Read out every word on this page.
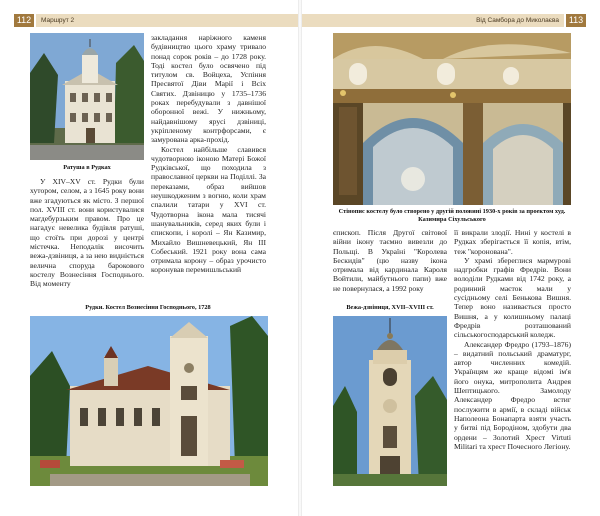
112	Маршрут 2	Від Самбора до Миколаєва	113
Ратуша в Рудках

У XIV–XV ст. Рудки були хутором, селом, а з 1645 року вони вже згадуються як місто. З першої пол. XVIII ст. вони користувалися магдебурзьким правом. Про це нагадує невелика будівля ратуші, що стоїть при дорозі у центрі містечка. Неподалік височить вежа-дзвіниця, а за нею видніється велична споруда барокового костелу Вознесіння Господнього. Від моменту

закладання наріжного каменя будівництво цього храму тривало понад сорок років – до 1728 року. Тоді костел було освячено під титулом св. Войцеха, Успіння Пресвятої Діви Марії і Всіх Святих. Дзвіницю у 1735–1736 роках перебудували з давнішої оборонної вежі. У нижньому, найдавнішому ярусі дзвіниці, укріпленому контрфорсами, є замурована арка-прохід.

Костел найбільше славився чудотворною іконою Матері Божої Рудківської, що походила з православної церкви на Поділлі. За переказами, образ вийшов неушкодженим з вогню, коли храм спалили татари у XVI ст. Чудотворна ікона мала тисячі шанувальників, серед яких були і єпископи, і королі – Ян Казимир, Михайло Вишневецький, Ян III Собеський. 1921 року вона сама отримала корону – образ урочисто коронував перемишльський

Рудки. Костел Вознесіння Господнього, 1728
Стінопис костелу було створено у другій половині 1930-х років за проектом худ. Казимира Сіхульського

єпископ. Після Другої світової війни ікону таємно вивезли до Польщі. В Україні "Королева Бескидів" (цю назву ікона отримала від кардинала Кароля Войтили, майбутнього папи) вже не повернулася, а 1992 року

Вежа-дзвіниця, XVII–XVIII ст.

її викрали злодії. Нині у костелі в Рудках зберігається її копія, втім, теж "коронована".

У храмі збереглися мармурові надгробки графів Фредрів. Вони володіли Рудками від 1742 року, а родинний маєток мали у сусідньому селі Беньковa Вишня. Тепер воно називається просто Вишня, а у колишньому палаці Фредрів розташований сільськогосподарський коледж.

Александер Фредро (1793–1876) – видатний польський драматург, автор численних комедій. Українцям же краще відомі ім'я його онука, митрополита Андрея Шептицького. Замолоду Александер Фредро встиг послужити в армії, в складі військ Наполеона Бонапарта взяти участь у битві під Бородіном, здобути два ордени – Золотий Хрест Virtuti Militari та хрест Почесного Легіону.
